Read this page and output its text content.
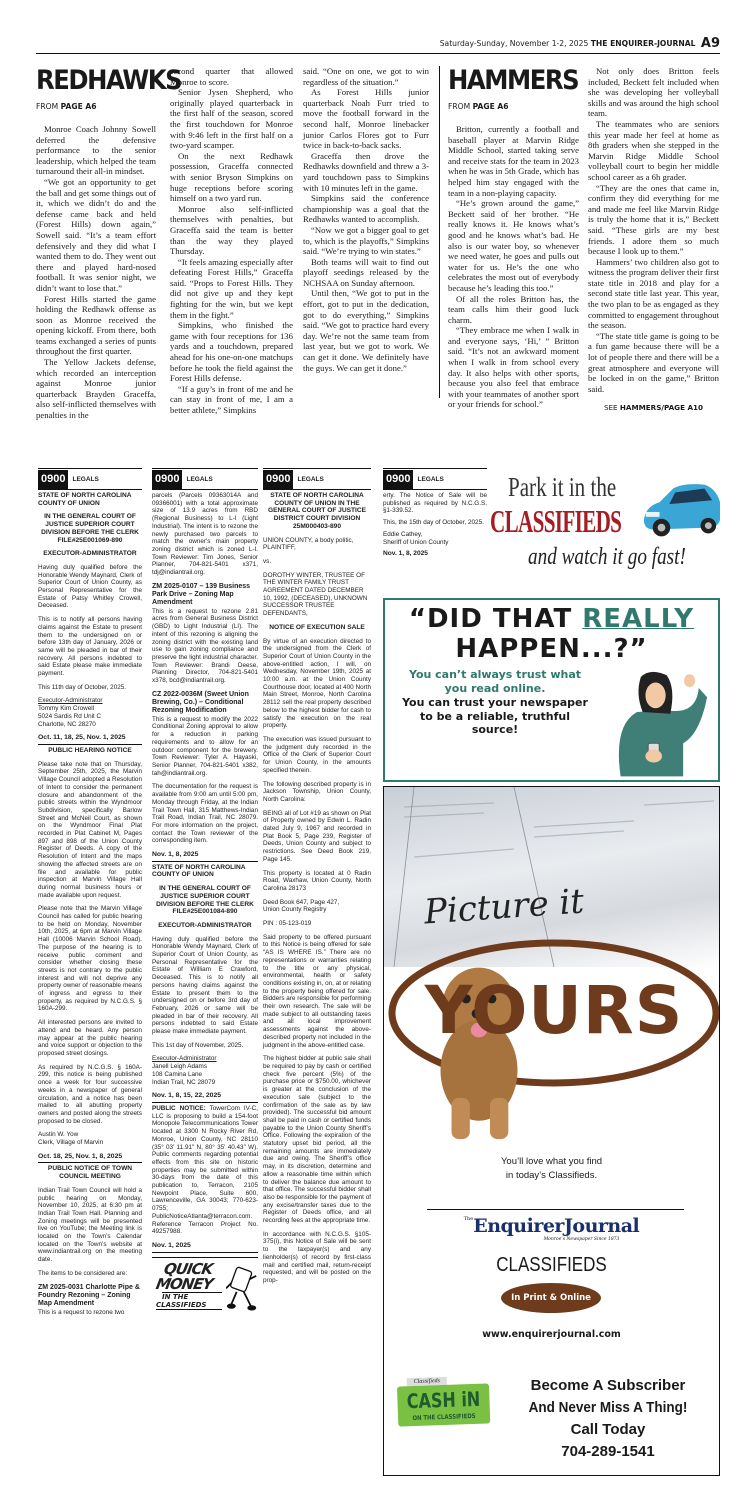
Saturday-Sunday, November 1-2, 2025 THE ENQUIRER-JOURNAL A9
REDHAWKS
FROM PAGE A6

Monroe Coach Johnny Sowell deferred the defensive performance to the senior leadership, which helped the team turnaround their all-in mindset.

“We got an opportunity to get the ball and get some things out of it, which we didn’t do and the defense came back and held (Forest Hills) down again,” Sowell said. “It’s a team effort defensively and they did what I wanted them to do. They went out there and played hard-nosed football. It was senior night, we didn’t want to lose that.”

Forest Hills started the game holding the Redhawk offense as soon as Monroe received the opening kickoff. From there, both teams exchanged a series of punts throughout the first quarter.

The Yellow Jackets defense, which recorded an interception against Monroe junior quarterback Brayden Graceffa, also self-inflicted themselves with penalties in the

second quarter that allowed Monroe to score.

Senior Jysen Shepherd, who originally played quarterback in the first half of the season, scored the first touchdown for Monroe with 9:46 left in the first half on a two-yard scamper.

On the next Redhawk possession, Graceffa connected with senior Bryson Simpkins on huge receptions before scoring himself on a two yard run.

Monroe also self-inflicted themselves with penalties, but Graceffa said the team is better than the way they played Thursday.

“It feels amazing especially after defeating Forest Hills,” Graceffa said. “Props to Forest Hills. They did not give up and they kept fighting for the win, but we kept them in the fight.”

Simpkins, who finished the game with four receptions for 136 yards and a touchdown, prepared ahead for his one-on-one matchups before he took the field against the Forest Hills defense.

“If a guy’s in front of me and he can stay in front of me, I am a better athlete,” Simpkins

said. “One on one, we got to win regardless of the situation.”

As Forest Hills junior quarterback Noah Furr tried to move the football forward in the second half, Monroe linebacker junior Carlos Flores got to Furr twice in back-to-back sacks.

Graceffa then drove the Redhawks downfield and threw a 3-yard touchdown pass to Simpkins with 10 minutes left in the game.

Simpkins said the conference championship was a goal that the Redhawks wanted to accomplish.

“Now we got a bigger goal to get to, which is the playoffs,” Simpkins said. “We’re trying to win states.”

Both teams will wait to find out playoff seedings released by the NCHSAA on Sunday afternoon.

Until then, “We got to put in the effort, got to put in the dedication, got to do everything,” Simpkins said. “We got to practice hard every day. We’re not the same team from last year, but we got to work. We can get it done. We definitely have the guys. We can get it done.”

HAMMERS
FROM PAGE A6

Britton, currently a football and baseball player at Marvin Ridge Middle School, started taking serve and receive stats for the team in 2023 when he was in 5th Grade, which has helped him stay engaged with the team in a non-playing capacity.

“He’s grown around the game,” Beckett said of her brother. “He really knows it. He knows what’s good and he knows what’s bad. He also is our water boy, so whenever we need water, he goes and pulls out water for us. He’s the one who celebrates the most out of everybody because he’s leading this too.”

Of all the roles Britton has, the team calls him their good luck charm.

“They embrace me when I walk in and everyone says, ‘Hi,’ ” Britton said. “It’s not an awkward moment when I walk in from school every day. It also helps with other sports, because you also feel that embrace with your teammates of another sport or your friends for school.”

Not only does Britton feels included, Beckett felt included when she was developing her volleyball skills and was around the high school team.

The teammates who are seniors this year made her feel at home as 8th graders when she stepped in the Marvin Ridge Middle School volleyball court to begin her middle school career as a 6h grader.

“They are the ones that came in, confirm they did everything for me and made me feel like Marvin Ridge is truly the home that it is,” Beckett said. “These girls are my best friends. I adore them so much because I look up to them.”

Hammers’ two children also got to witness the program deliver their first state title in 2018 and play for a second state title last year. This year, the two plan to be as engaged as they committed to engagement throughout the season.

“The state title game is going to be a fun game because there will be a lot of people there and there will be a great atmosphere and everyone will be locked in on the game,” Britton said.

SEE HAMMERS/PAGE A10
0900	LEGALS
STATE OF NORTH CAROLINA COUNTY OF UNION
IN THE GENERAL COURT OF JUSTICE SUPERIOR COURT DIVISION BEFORE THE CLERK FILE#25E001069-890
EXECUTOR-ADMINISTRATOR
Having duly qualified before the Honorable Wendy Maynard, Clerk of Superior Court of Union County, as Personal Representative for the Estate of Patsy Whitley Crowell, Deceased.
This is to notify all persons having claims against the Estate to present them to the undersigned on or before 13th day of January, 2026 or same will be pleaded in bar of their recovery. All persons indebted to said Estate please make immediate payment.
This 11th day of October, 2025.
Executor-Administrator
Tommy Kim Crowell
5024 Sardis Rd Unit C
Charlotte, NC 28270
Oct. 11, 18, 25, Nov. 1, 2025
PUBLIC HEARING NOTICE
Please take note that on Thursday, September 25th, 2025, the Marvin Village Council adopted a Resolution of Intent to consider the permanent closure and abandonment of the public streets within the Wyndmoor Subdivision, specifically Barlow Street and McNeil Court, as shown on the Wyndmoor Final Plat recorded in Plat Cabinet M, Pages 897 and 898 of the Union County Register of Deeds. A copy of the Resolution of Intent and the maps showing the affected streets are on file and available for public inspection at Marvin Village Hall during normal business hours or made available upon request.
Please note that the Marvin Village Council has called for public hearing to be held on Monday, November 10th, 2025, at 6pm at Marvin Village Hall (10006 Marvin School Road). The purpose of the hearing is to receive public comment and consider whether closing these streets is not contrary to the public interest and will not deprive any property owner of reasonable means of ingress and egress to their property, as required by N.C.G.S. § 160A-299.
All interested persons are invited to attend and be heard. Any person may appear at the public hearing and voice support or objection to the proposed street closings.
As required by N.C.G.S. § 160A-299, this notice is being published once a week for four successive weeks in a newspaper of general circulation, and a notice has been mailed to all abutting property owners and posted along the streets proposed to be closed.
Austin W. Yow
Clerk, Village of Marvin
Oct. 18, 25, Nov. 1, 8, 2025
PUBLIC NOTICE OF TOWN COUNCIL MEETING
Indian Trail Town Council will hold a public hearing on Monday, November 10, 2025, at 6:30 pm at Indian Trail Town Hall. Planning and Zoning meetings will be presented live on YouTube; the Meeting link is located on the Town’s Calendar located on the Town’s website at www.indiantrail.org on the meeting date.
The items to be considered are:
ZM 2025-0031 Charlotte Pipe & Foundry Rezoning – Zoning Map Amendment
This is a request to rezone two
0900	LEGALS
parcels (Parcels 09363014A and 09366001) with a total approximate size of 13.9 acres from RBD (Regional Business) to L-I (Light Industrial). The intent is to rezone the newly purchased two parcels to match the owner's main property zoning district which is zoned L-I. Town Reviewer: Tim Jones, Senior Planner, 704-821-5401 x371, tdj@indiantrail.org.
ZM 2025-0107 – 139 Business Park Drive – Zoning Map Amendment
This is a request to rezone 2.81 acres from General Business District (GBD) to Light Industrial (LI). The intent of this rezoning is aligning the zoning district with the existing land use to gain zoning compliance and preserve the light industrial character. Town Reviewer: Brandi Deese, Planning Director, 704-821-5401 x378, bcd@indiantrail.org.
CZ 2022-0036M (Sweet Union Brewing, Co.) – Conditional Rezoning Modification
This is a request to modify the 2022 Conditional Zoning approval to allow for a reduction in parking requirements and to allow for an outdoor component for the brewery. Town Reviewer: Tyler A. Hayaski, Senior Planner, 704-821-5401 x382, tah@indiantrail.org.
The documentation for the request is available from 9:00 am until 5:00 pm, Monday through Friday, at the Indian Trail Town Hall, 315 Matthews-Indian Trail Road, Indian Trail, NC 28079. For more information on the project, contact the Town reviewer of the corresponding item.
Nov. 1, 8, 2025
STATE OF NORTH CAROLINA COUNTY OF UNION
IN THE GENERAL COURT OF JUSTICE SUPERIOR COURT DIVISION BEFORE THE CLERK FILE#25E001084-890
EXECUTOR-ADMINISTRATOR
Having duly qualified before the Honorable Wendy Maynard, Clerk of Superior Court of Union County, as Personal Representative for the Estate of William E Crawford, Deceased. This is to notify all persons having claims against the Estate to present them to the undersigned on or before 3rd day of February, 2026 or same will be pleaded in bar of their recovery. All persons indebted to said Estate please make immediate payment.
This 1st day of November, 2025.
Executor-Administrator
Janell Leigh Adams
108 Camina Lane
Indian Trail, NC 28079
Nov. 1, 8, 15, 22, 2025
PUBLIC NOTICE: TowerCom IV-C, LLC is proposing to build a 154-foot Monopole Telecommunications Tower located at 3300 N Rocky River Rd, Monroe, Union County, NC 28110 (35° 03' 11.91" N, 80° 35' 40.43" W). Public comments regarding potential effects from this site on historic properties may be submitted within 30-days from the date of this publication to, Terracon, 2105 Newpoint Place, Suite 600, Lawrenceville, GA 30043; 770-623-0755; PublicNoticeAtlanta@terracon.com. Reference Terracon Project No. 49257988.
Nov. 1, 2025
QUICK
MONEY
IN THE
CLASSIFIEDS
0900	LEGALS
STATE OF NORTH CAROLINA COUNTY OF UNION IN THE GENERAL COURT OF JUSTICE DISTRICT COURT DIVISION 25M000403-890
UNION COUNTY, a body politic,
PLAINTIFF,
vs.
DOROTHY WINTER, TRUSTEE OF THE WINTER FAMILY TRUST AGREEMENT DATED DECEMBER 10, 1992, (DECEASED), UNKNOWN SUCCESSOR TRUSTEE DEFENDANTS,
NOTICE OF EXECUTION SALE
By virtue of an execution directed to the undersigned from the Clerk of Superior Court of Union County in the above-entitled action, I will, on Wednesday, November 19th, 2025 at 10:00 a.m. at the Union County Courthouse door, located at 400 North Main Street, Monroe, North Carolina 28112 sell the real property described below to the highest bidder for cash to satisfy the execution on the real property.
The execution was issued pursuant to the judgment duly recorded in the Office of the Clerk of Superior Court for Union County, in the amounts specified therein.
The following described property is in Jackson Township, Union County, North Carolina:
BEING all of Lot #19 as shown on Plat of Property owned by Edwin L. Radin dated July 9, 1967 and recorded in Plat Book 5, Page 239, Register of Deeds, Union County and subject to restrictions. See Deed Book 219, Page 145.
This property is located at 0 Radin Road, Waxhaw, Union County, North Carolina 28173
Deed Book 647, Page 427,
Union County Registry
PIN : 05-123-019
Said property to be offered pursuant to this Notice is being offered for sale “AS IS WHERE IS.” There are no representations or warranties relating to the title or any physical, environmental, health or safety conditions existing in, on, at or relating to the property being offered for sale. Bidders are responsible for performing their own research. The sale will be made subject to all outstanding taxes and all local improvement assessments against the above-described property not included in the judgment in the above-entitled case.
The highest bidder at public sale shall be required to pay by cash or certified check five percent (5%) of the purchase price or $750.00, whichever is greater at the conclusion of the execution sale (subject to the confirmation of the sale as by law provided). The successful bid amount shall be paid in cash or certified funds payable to the Union County Sheriff’s Office. Following the expiration of the statutory upset bid period, all the remaining amounts are immediately due and owing. The Sheriff’s office may, in its discretion, determine and allow a reasonable time within which to deliver the balance due amount to that office. The successful bidder shall also be responsible for the payment of any excise/transfer taxes due to the Register of Deeds office, and all recording fees at the appropriate time.
In accordance with N.C.G.S. §105-375(i), this Notice of Sale will be sent to the taxpayer(s) and any lienholder(s) of record by first-class mail and certified mail, return-receipt requested, and will be posted on the prop-
0900	LEGALS
erty. The Notice of Sale will be published as required by N.C.G.S. §1-339.52.
This, the 15th day of October, 2025.
Eddie Cathey,
Sheriff of Union County
Nov. 1, 8, 2025
Park it in the
CLASSIFIEDS
and watch it go fast!
“DID THAT REALLY
HAPPEN...?”
You can’t always trust what you read online.
You can trust your newspaper to be a reliable, truthful source!
Picture it
YOURS
You’ll love what you find
in today’s Classifieds.
$^{The}$EnquirerJournal
Monroe’s Newspaper Since 1873
CLASSIFIEDS
In Print & Online
www.enquirerjournal.com
Classifieds
CASH iN
ON THE CLASSIFIEDS
Become A Subscriber
And Never Miss A Thing!
Call Today
704-289-1541
